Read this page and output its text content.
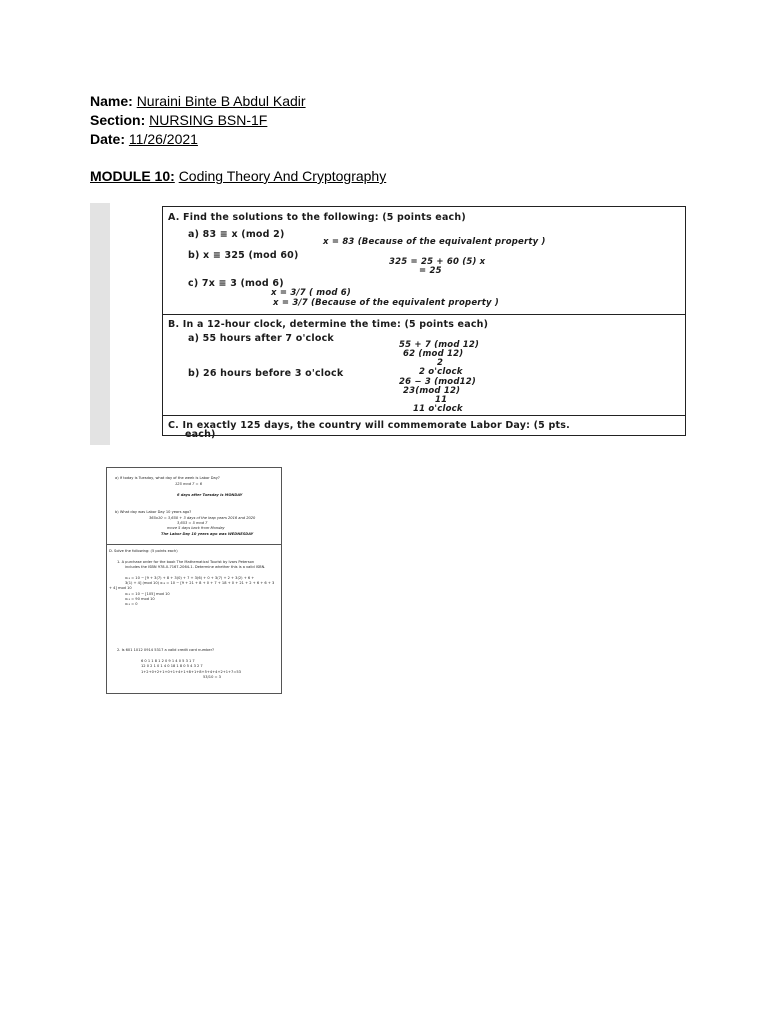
Name: Nuraini Binte B Abdul Kadir
Section: NURSING BSN-1F
Date: 11/26/2021
MODULE 10: Coding Theory And Cryptography
A. Find the solutions to the following: (5 points each)
a) 83 ≡ x (mod 2)
x = 83 (Because of the equivalent property )
b) x ≡ 325 (mod 60)
325 = 25 + 60 (5) x
= 25
c) 7x ≡ 3 (mod 6)
x = 3/7 ( mod 6)
x = 3/7 (Because of the equivalent property )
B. In a 12-hour clock, determine the time: (5 points each)
a) 55 hours after 7 o'clock
55 + 7 (mod 12)
62 (mod 12)
2
2 o'clock
b) 26 hours before 3 o'clock
26 − 3 (mod12)
23(mod 12)
11
11 o'clock
C. In exactly 125 days, the country will commemorate Labor Day: (5 pts.
each)
a) If today is Tuesday, what day of the week is Labor Day?
125 mod 7 = 6
6 days after Tuesday is MONDAY
b) What day was Labor Day 10 years ago?
365x10 = 3,650 + 3 days of the leap years 2016 and 2020
3,653 = 5 mod 7
move 5 days back from Monday
The Labor Day 10 years ago was WEDNESDAY
D. Solve the following: (5 points each)
1. A purchase order for the book The Mathematical Tourist by Ivars Peterson
includes the ISBN 978-0-7167-2064-1. Determine whether this is a valid ISBN.
x₁₃ = 10 − [9 + 3(7) + 8 + 3(0) + 7 + 3(6) + 0 + 3(7) + 2 + 3(2) + 6 +
3(1) + 4] (mod 10) x₁₃ = 10 − [9 + 21 + 8 + 0 + 7 + 18 + 0 + 21 + 2 + 6 + 6 + 3
+ 4] mod 10
x₁₃ = 10 − [105] mod 10
x₁₃ = 90 mod 10
x₁₃ = 0
2. Is 601 1012 0914 5317 a valid credit card number?
6 0 1 1 8 1 2 0 9 1 4 0 5 3 1 7
12 0 2 1 0 1 4 0 18 1 8 0 5 4 3 2 7
1+2+0+2+1+0+1+4+1+8+1+8+5+4+4+2+1+7=53
53/10 = 3
